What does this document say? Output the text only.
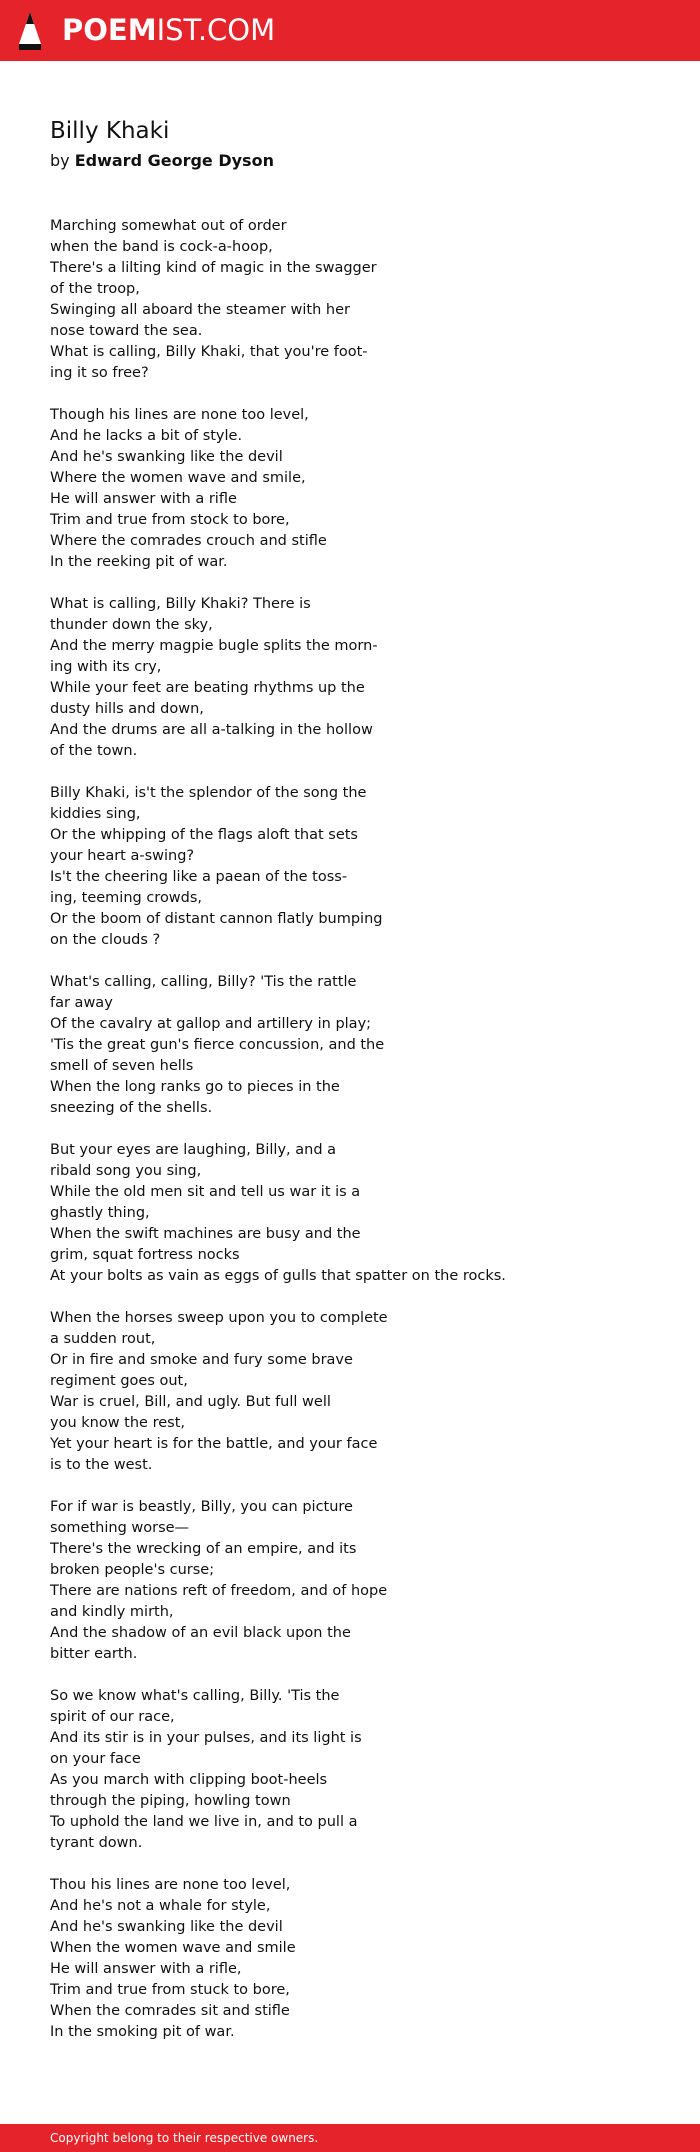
POEMIST.COM
Billy Khaki

by Edward George Dyson

Marching somewhat out of order
when the band is cock-a-hoop,
There's a lilting kind of magic in the swagger
of the troop,
Swinging all aboard the steamer with her
nose toward the sea.
What is calling, Billy Khaki, that you're foot-
ing it so free?
Though his lines are none too level,
And he lacks a bit of style.
And he's swanking like the devil
Where the women wave and smile,
He will answer with a rifle
Trim and true from stock to bore,
Where the comrades crouch and stifle
In the reeking pit of war.
What is calling, Billy Khaki? There is
thunder down the sky,
And the merry magpie bugle splits the morn-
ing with its cry,
While your feet are beating rhythms up the
dusty hills and down,
And the drums are all a-talking in the hollow
of the town.
Billy Khaki, is't the splendor of the song the
kiddies sing,
Or the whipping of the flags aloft that sets
your heart a-swing?
Is't the cheering like a paean of the toss-
ing, teeming crowds,
Or the boom of distant cannon flatly bumping
on the clouds ?
What's calling, calling, Billy? 'Tis the rattle
far away
Of the cavalry at gallop and artillery in play;
'Tis the great gun's fierce concussion, and the
smell of seven hells
When the long ranks go to pieces in the
sneezing of the shells.
But your eyes are laughing, Billy, and a
ribald song you sing,
While the old men sit and tell us war it is a
ghastly thing,
When the swift machines are busy and the
grim, squat fortress nocks
At your bolts as vain as eggs of gulls that spatter on the rocks.
When the horses sweep upon you to complete
a sudden rout,
Or in fire and smoke and fury some brave
regiment goes out,
War is cruel, Bill, and ugly. But full well
you know the rest,
Yet your heart is for the battle, and your face
is to the west.
For if war is beastly, Billy, you can picture
something worse—
There's the wrecking of an empire, and its
broken people's curse;
There are nations reft of freedom, and of hope
and kindly mirth,
And the shadow of an evil black upon the
bitter earth.
So we know what's calling, Billy. 'Tis the
spirit of our race,
And its stir is in your pulses, and its light is
on your face
As you march with clipping boot-heels
through the piping, howling town
To uphold the land we live in, and to pull a
tyrant down.
Thou his lines are none too level,
And he's not a whale for style,
And he's swanking like the devil
When the women wave and smile
He will answer with a rifle,
Trim and true from stuck to bore,
When the comrades sit and stifle
In the smoking pit of war.
Copyright belong to their respective owners.
